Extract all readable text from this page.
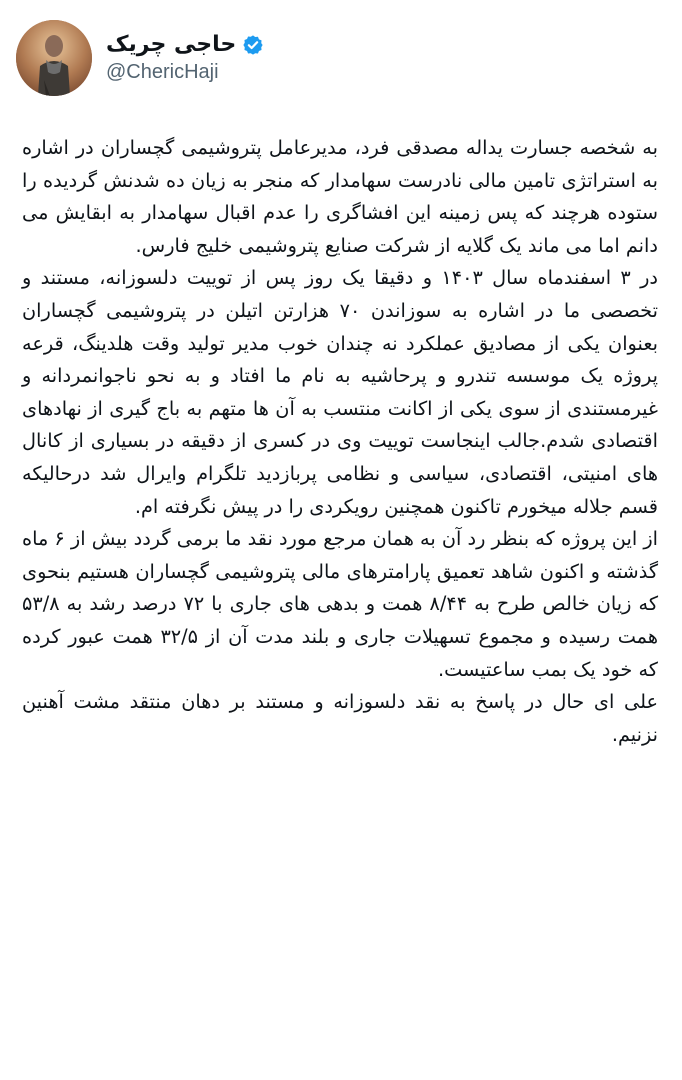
حاجی چریک
@ChericHaji

به شخصه جسارت یداله مصدقی فرد، مدیرعامل پتروشیمی گچساران در اشاره به استراتژی تامین مالی نادرست سهامدار که منجر به زیان ده شدنش گردیده را ستوده هرچند که پس زمینه این افشاگری را عدم اقبال سهامدار به ابقایش می دانم اما می ماند یک گلایه از شرکت صنایع پتروشیمی خلیج فارس.

در ۳ اسفندماه سال ۱۴۰۳ و دقیقا یک روز پس از توییت دلسوزانه، مستند و تخصصی ما در اشاره به سوزاندن ۷۰ هزارتن اتیلن در پتروشیمی گچساران بعنوان یکی از مصادیق عملکرد نه چندان خوب مدیر تولید وقت هلدینگ، قرعه پروژه یک موسسه تندرو و پرحاشیه به نام ما افتاد و به نحو ناجوانمردانه و غیرمستندی از سوی یکی از اکانت منتسب به آن ها متهم به باج گیری از نهادهای اقتصادی شدم.جالب اینجاست توییت وی در کسری از دقیقه در بسیاری از کانال های امنیتی، اقتصادی، سیاسی و نظامی پربازدید تلگرام وایرال شد درحالیکه قسم جلاله میخورم تاکنون همچنین رویکردی را در پیش نگرفته ام.

از این پروژه که بنظر رد آن به همان مرجع مورد نقد ما برمی گردد بیش از ۶ ماه گذشته و اکنون شاهد تعمیق پارامترهای مالی پتروشیمی گچساران هستیم بنحوی که زیان خالص طرح به ۸/۴۴ همت و بدهی های جاری با ۷۲ درصد رشد به ۵۳/۸ همت رسیده و مجموع تسهیلات جاری و بلند مدت آن از ۳۲/۵ همت عبور کرده که خود یک بمب ساعتیست.

علی ای حال در پاسخ به نقد دلسوزانه و مستند بر دهان منتقد مشت آهنین نزنیم.
